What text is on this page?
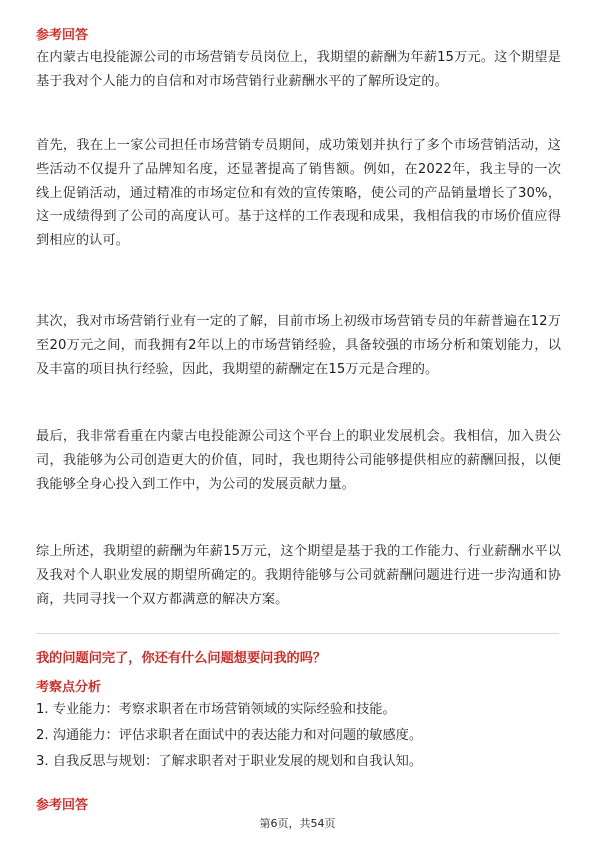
参考回答

在内蒙古电投能源公司的市场营销专员岗位上，我期望的薪酬为年薪15万元。这个期望是基于我对个人能力的自信和对市场营销行业薪酬水平的了解所设定的。

首先，我在上一家公司担任市场营销专员期间，成功策划并执行了多个市场营销活动，这些活动不仅提升了品牌知名度，还显著提高了销售额。例如，在2022年，我主导的一次线上促销活动，通过精准的市场定位和有效的宣传策略，使公司的产品销量增长了30%，这一成绩得到了公司的高度认可。基于这样的工作表现和成果，我相信我的市场价值应得到相应的认可。

其次，我对市场营销行业有一定的了解，目前市场上初级市场营销专员的年薪普遍在12万至20万元之间，而我拥有2年以上的市场营销经验，具备较强的市场分析和策划能力，以及丰富的项目执行经验，因此，我期望的薪酬定在15万元是合理的。

最后，我非常看重在内蒙古电投能源公司这个平台上的职业发展机会。我相信，加入贵公司，我能够为公司创造更大的价值，同时，我也期待公司能够提供相应的薪酬回报，以便我能够全身心投入到工作中，为公司的发展贡献力量。

综上所述，我期望的薪酬为年薪15万元，这个期望是基于我的工作能力、行业薪酬水平以及我对个人职业发展的期望所确定的。我期待能够与公司就薪酬问题进行进一步沟通和协商，共同寻找一个双方都满意的解决方案。

我的问题问完了，你还有什么问题想要问我的吗？
考察点分析
1. 专业能力：考察求职者在市场营销领域的实际经验和技能。
2. 沟通能力：评估求职者在面试中的表达能力和对问题的敏感度。
3. 自我反思与规划：了解求职者对于职业发展的规划和自我认知。
参考回答
第6页，共54页
